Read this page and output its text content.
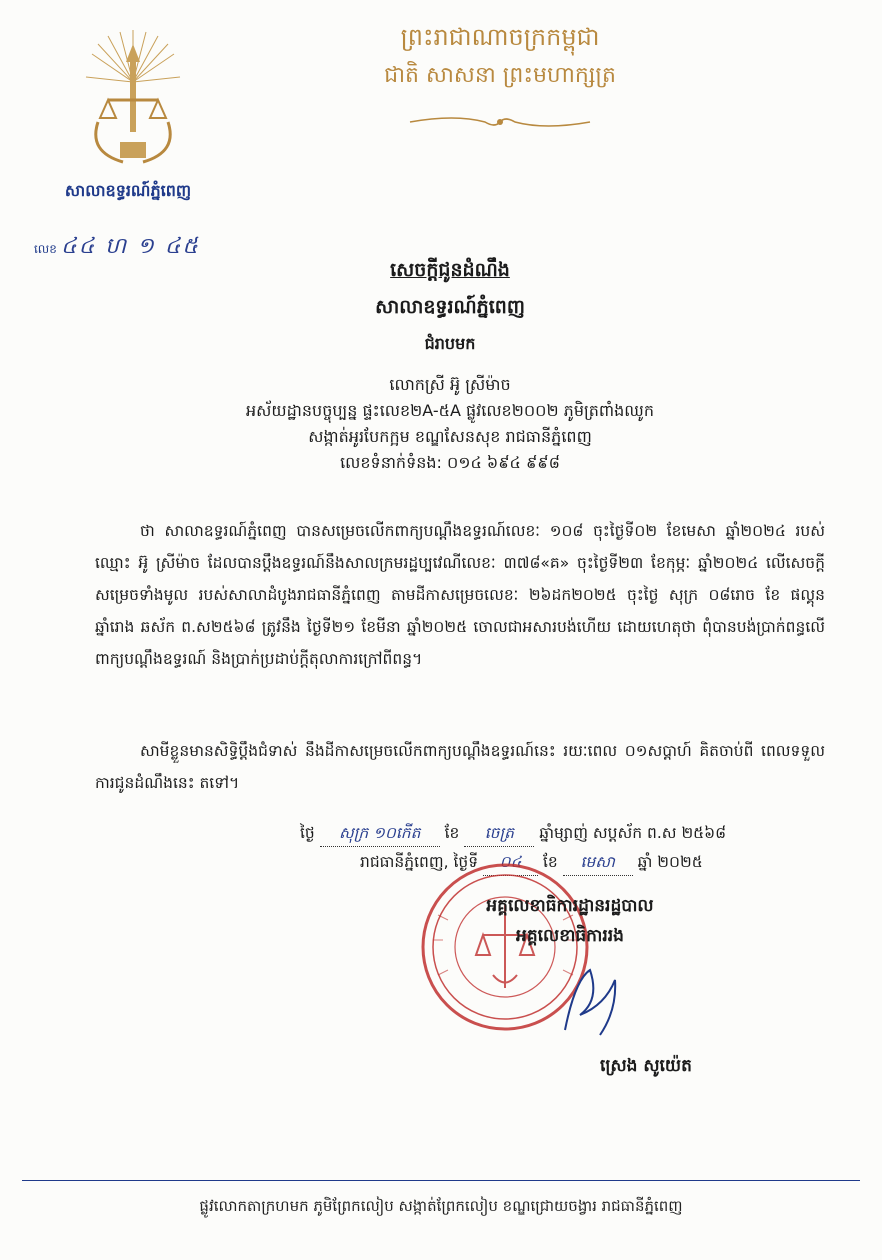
សាលាឧទ្ធរណ៍ភ្នំពេញ
លេខ ៤៤ ហ ១ ៤៥
ព្រះរាជាណាចក្រកម្ពុជា
ជាតិ សាសនា ព្រះមហាក្សត្រ
សេចក្តីជូនដំណឹង
សាលាឧទ្ធរណ៍ភ្នំពេញ
ជំរាបមក
លោកស្រី អ៊ូ ស្រីម៉ាច
អស័យដ្ឋានបច្ចុប្បន្ន ផ្ទះលេខ២A-៥A ផ្លូវលេខ២០០២ ភូមិត្រពាំងឈូក
សង្កាត់អូរបែកក្អម ខណ្ឌសែនសុខ រាជធានីភ្នំពេញ
លេខទំនាក់ទំនង: ០១៤ ៦៩៤ ៩៩៨
ថា សាលាឧទ្ធរណ៍ភ្នំពេញ បានសម្រេចលើកពាក្យបណ្តឹងឧទ្ធរណ៍លេខៈ ១០៨ ចុះថ្ងៃទី០២ ខែមេសា ឆ្នាំ២០២៤ របស់ឈ្មោះ អ៊ូ ស្រីម៉ាច ដែលបានប្តឹងឧទ្ធរណ៍នឹងសាលក្រមរដ្ឋប្បវេណីលេខៈ ៣៧៨«គ» ចុះថ្ងៃទី២៣ ខែកុម្ភៈ ឆ្នាំ២០២៤ លើសេចក្តីសម្រេចទាំងមូល របស់សាលាដំបូងរាជធានីភ្នំពេញ តាមដីកាសម្រេចលេខៈ ២៦ដក២០២៥ ចុះថ្ងៃ សុក្រ ០៨រោច ខែ ផល្គុន ឆ្នាំរោង ឆស័ក ព.ស២៥៦៨ ត្រូវនឹង ថ្ងៃទី២១ ខែមីនា ឆ្នាំ២០២៥ ចោលជាអសារបង់ហើយ ដោយហេតុថា ពុំបានបង់ប្រាក់ពន្ធលើពាក្យបណ្តឹងឧទ្ធរណ៍ និងប្រាក់ប្រដាប់ក្តីតុលាការក្រៅពីពន្ធ។
សាមីខ្លួនមានសិទ្ធិប្តឹងជំទាស់ នឹងដីកាសម្រេចលើកពាក្យបណ្តឹងឧទ្ធរណ៍នេះ រយៈពេល ០១សប្តាហ៍ គិតចាប់ពី ពេលទទួលការជូនដំណឹងនេះ តទៅ។
ថ្ងៃ សុក្រ ១០កើត ខែ ចេត្រ ឆ្នាំម្សាញ់ សប្តស័ក ព.ស ២៥៦៨
រាជធានីភ្នំពេញ, ថ្ងៃទី ០៤ ខែ មេសា ឆ្នាំ ២០២៥
អគ្គលេខាធិការដ្ឋានរដ្ឋបាល
អគ្គលេខាធិការរង
ស្រេង សូយ៉េត
ផ្លូវលោកតាក្រហមក ភូមិព្រែកលៀប សង្កាត់ព្រែកលៀប ខណ្ឌជ្រោយចង្វារ រាជធានីភ្នំពេញ
